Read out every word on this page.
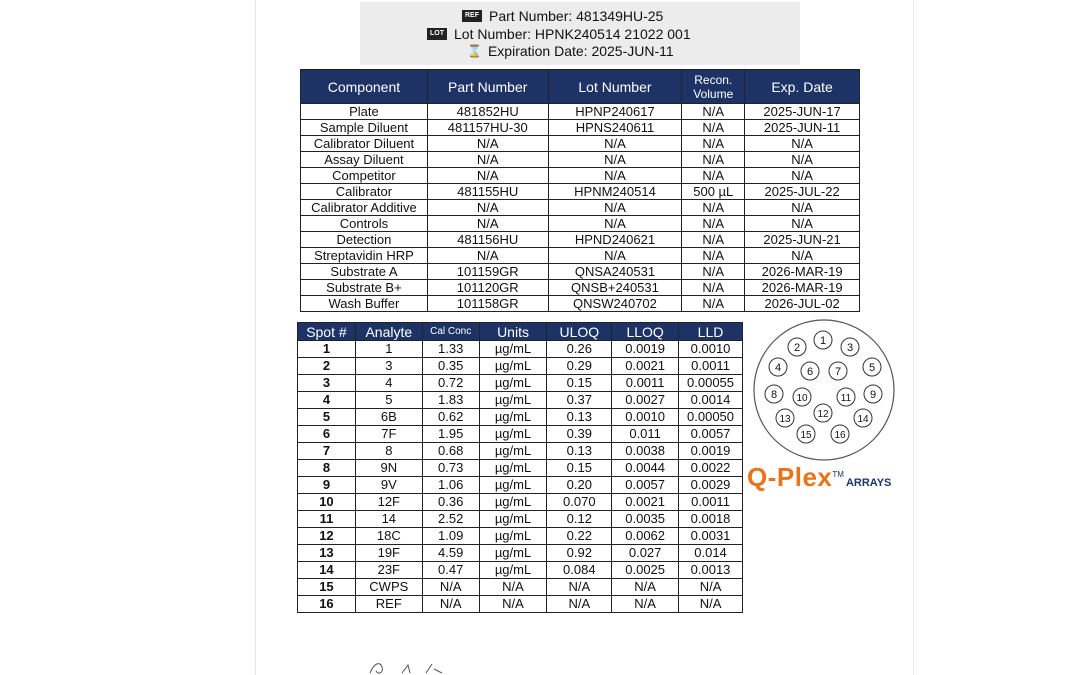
REF Part Number: 481349HU-25
LOT Lot Number: HPNK240514 21022 001
⌛ Expiration Date: 2025-JUN-11
Component	Part Number	Lot Number	Recon. Volume	Exp. Date
Plate	481852HU	HPNP240617	N/A	2025-JUN-17
Sample Diluent	481157HU-30	HPNS240611	N/A	2025-JUN-11
Calibrator Diluent	N/A	N/A	N/A	N/A
Assay Diluent	N/A	N/A	N/A	N/A
Competitor	N/A	N/A	N/A	N/A
Calibrator	481155HU	HPNM240514	500 µL	2025-JUL-22
Calibrator Additive	N/A	N/A	N/A	N/A
Controls	N/A	N/A	N/A	N/A
Detection	481156HU	HPND240621	N/A	2025-JUN-21
Streptavidin HRP	N/A	N/A	N/A	N/A
Substrate A	101159GR	QNSA240531	N/A	2026-MAR-19
Substrate B+	101120GR	QNSB+240531	N/A	2026-MAR-19
Wash Buffer	101158GR	QNSW240702	N/A	2026-JUL-02
Spot #	Analyte	Cal Conc	Units	ULOQ	LLOQ	LLD
1	1	1.33	µg/mL	0.26	0.0019	0.0010
2	3	0.35	µg/mL	0.29	0.0021	0.0011
3	4	0.72	µg/mL	0.15	0.0011	0.00055
4	5	1.83	µg/mL	0.37	0.0027	0.0014
5	6B	0.62	µg/mL	0.13	0.0010	0.00050
6	7F	1.95	µg/mL	0.39	0.011	0.0057
7	8	0.68	µg/mL	0.13	0.0038	0.0019
8	9N	0.73	µg/mL	0.15	0.0044	0.0022
9	9V	1.06	µg/mL	0.20	0.0057	0.0029
10	12F	0.36	µg/mL	0.070	0.0021	0.0011
11	14	2.52	µg/mL	0.12	0.0035	0.0018
12	18C	1.09	µg/mL	0.22	0.0062	0.0031
13	19F	4.59	µg/mL	0.92	0.027	0.014
14	23F	0.47	µg/mL	0.084	0.0025	0.0013
15	CWPS	N/A	N/A	N/A	N/A	N/A
16	REF	N/A	N/A	N/A	N/A	N/A
1
2	3
4	5
6 7
8	9
10	11
12
13	14
15 16
Q-Plex TM
ARRAYS
